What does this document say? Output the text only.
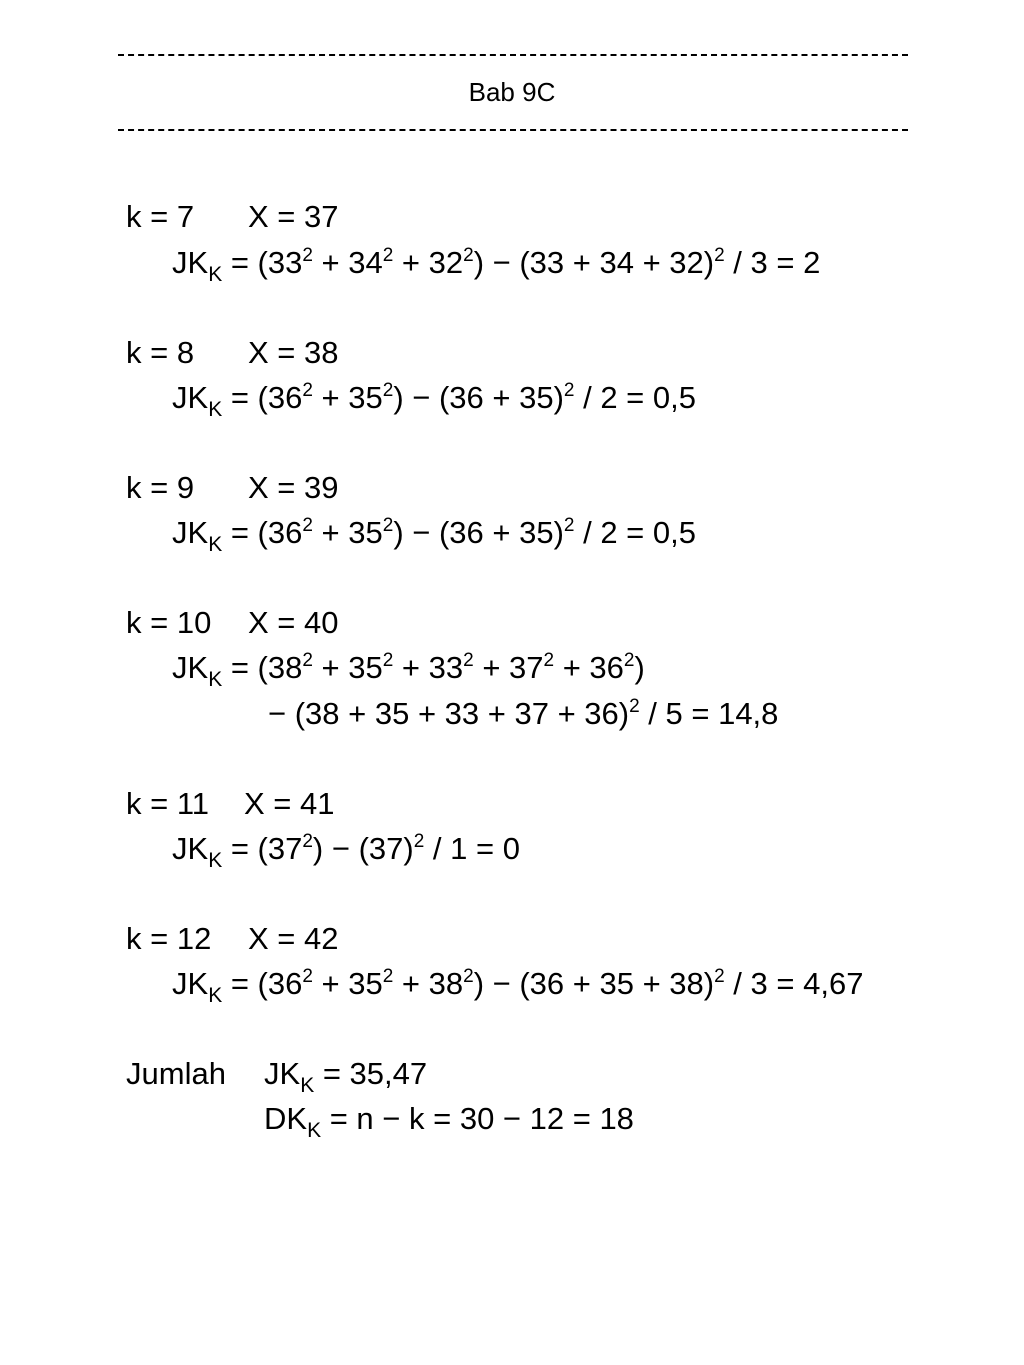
Bab 9C
k = 7 X = 37
$JK_K = (33^2 + 34^2 + 32^2) - (33 + 34 + 32)^2 / 3 = 2$
k = 8 X = 38
$JK_K = (36^2 + 35^2) - (36 + 35)^2 / 2 = 0,5$
k = 9 X = 39
$JK_K = (36^2 + 35^2) - (36 + 35)^2 / 2 = 0,5$
k = 10 X = 40
$JK_K = (38^2 + 35^2 + 33^2 + 37^2 + 36^2)$
− $(38 + 35 + 33 + 37 + 36)^2 / 5 = 14,8$
k = 11 X = 41
$JK_K = (37^2) - (37)^2 / 1 = 0$
k = 12 X = 42
$JK_K = (36^2 + 35^2 + 38^2) - (36 + 35 + 38)^2 / 3 = 4,67$
Jumlah $JK_K = 35,47$
$DK_K = n - k = 30 - 12 = 18$
